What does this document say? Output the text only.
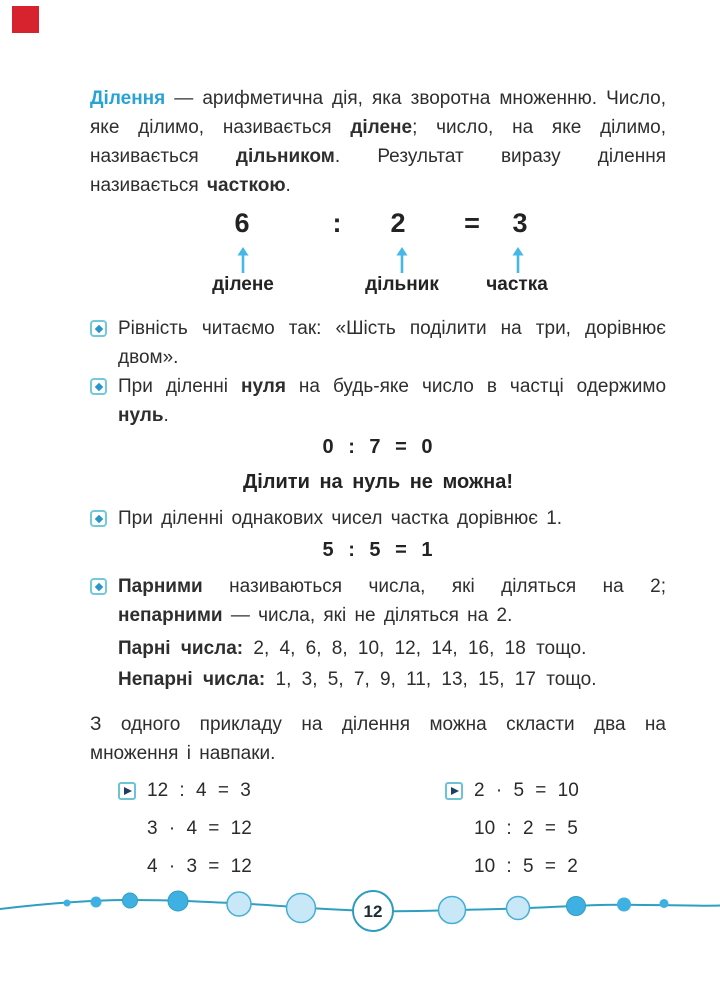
Ділення — арифметична дія, яка зворотна множенню. Число, яке ділимо, називається ділене; число, на яке ділимо, називається дільником. Результат виразу ділення називається часткою.

6	: 2 = 3
ділене	дільник частка
Рівність читаємо так: «Шість поділити на три, дорівнює двом».
При діленні нуля на будь-яке число в частці одержимо нуль.

0 : 7 = 0

Ділити на нуль не можна!

При діленні однакових чисел частка дорівнює 1.

5 : 5 = 1

Парними називаються числа, які діляться на 2; непарними — числа, які не діляться на 2.

Парні числа: 2, 4, 6, 8, 10, 12, 14, 16, 18 тощо.

Непарні числа: 1, 3, 5, 7, 9, 11, 13, 15, 17 тощо.

З одного прикладу на ділення можна скласти два на множення і навпаки.

12 : 4 = 3
3 · 4 = 12
4 · 3 = 12
2 · 5 = 10
10 : 2 = 5
10 : 5 = 2
12
